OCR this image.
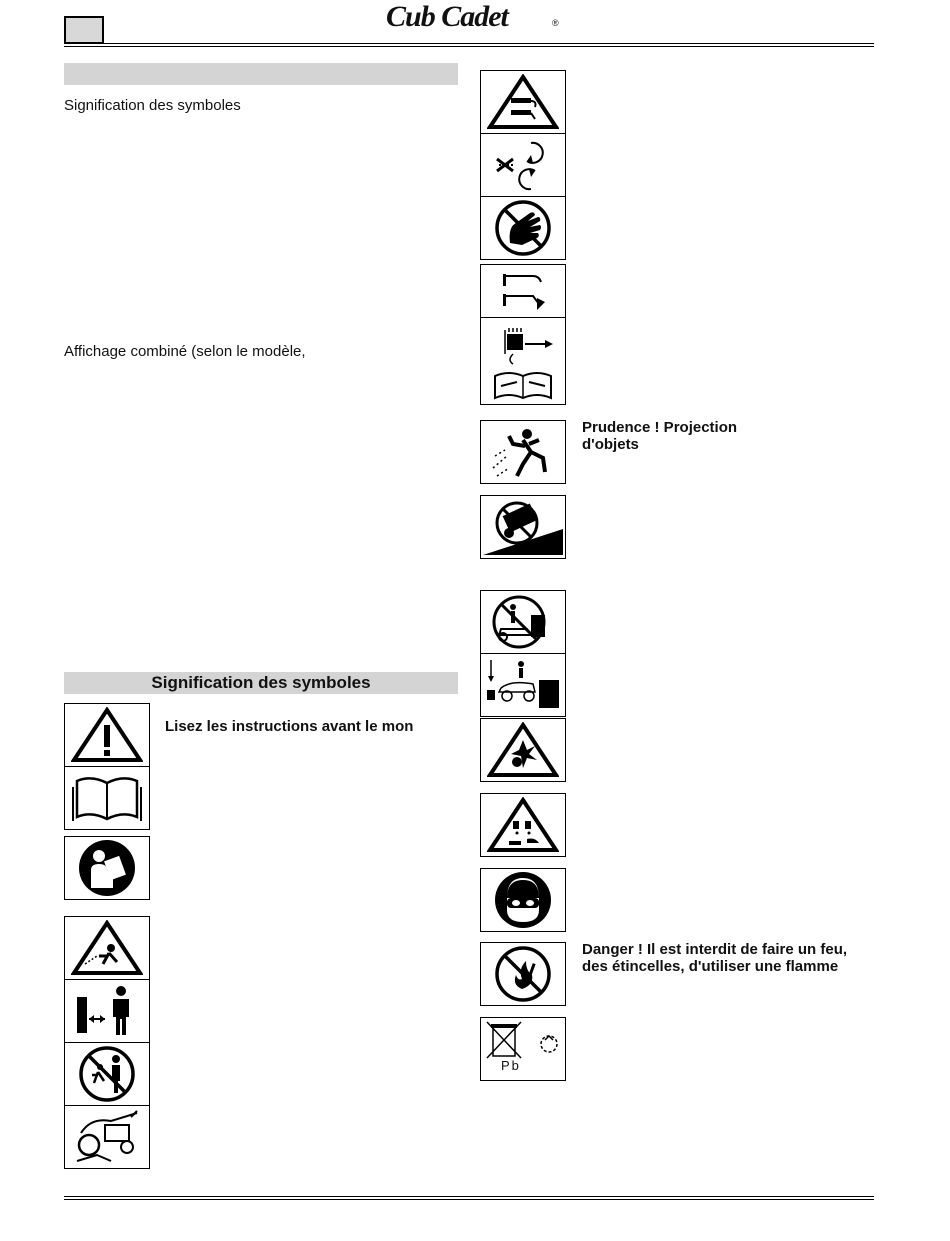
Cub Cadet	®
Signification des symboles
Affichage combiné (selon le modèle,
Signification des symboles
Lisez les instructions avant le mon
Prudence ! Projection
d'objets
Danger ! Il est interdit de faire un feu,
des étincelles, d'utiliser une flamme
Pb
